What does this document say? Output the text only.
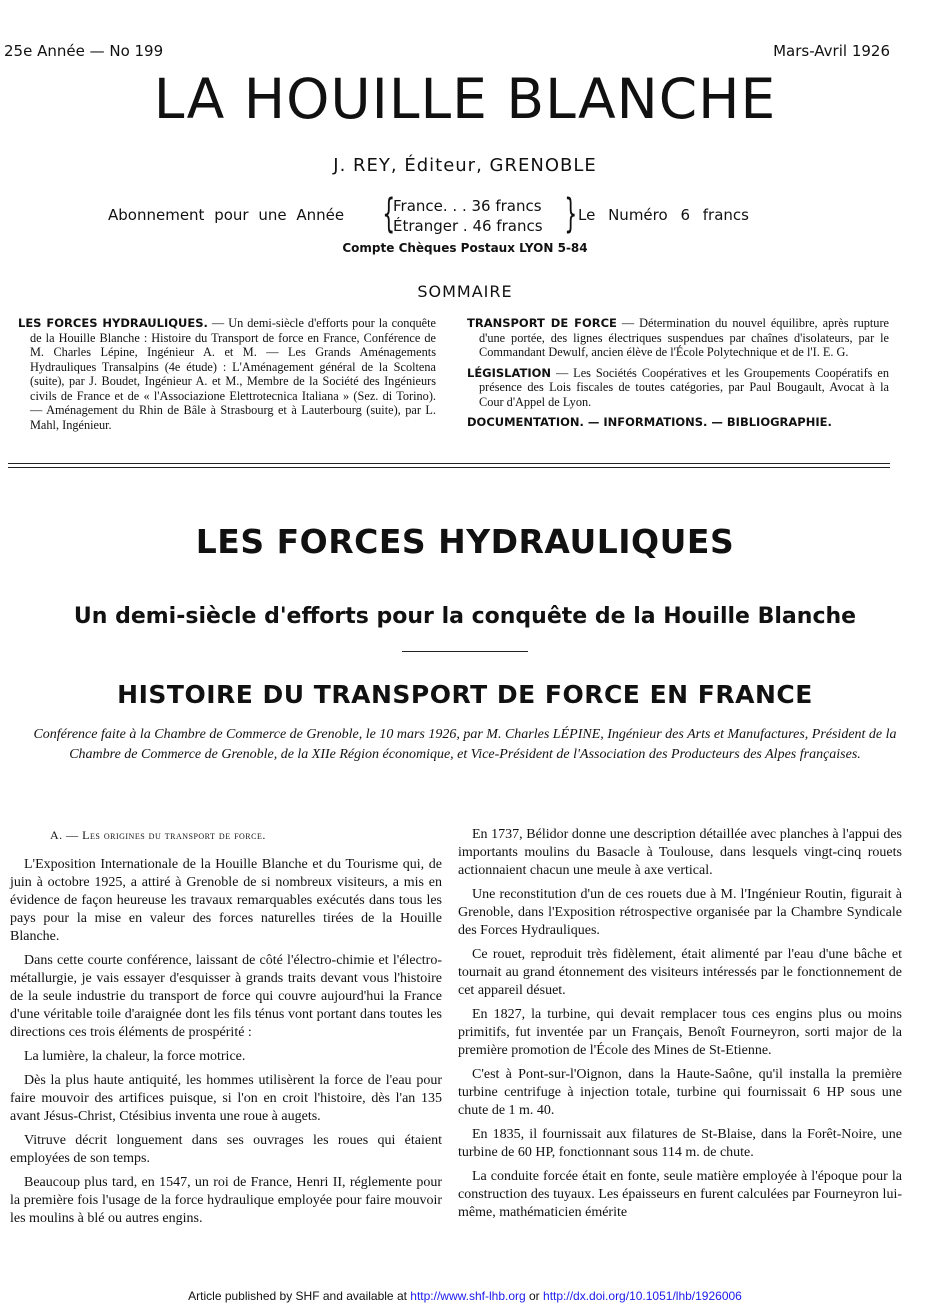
25e Année — No 199	Mars-Avril 1926
LA HOUILLE BLANCHE
J. REY, Éditeur, GRENOBLE
Abonnement pour une Année {
France. . . 36 francs
Étranger . 46 francs } Le Numéro 6 francs
Compte Chèques Postaux LYON 5-84
SOMMAIRE

LES FORCES HYDRAULIQUES. — Un demi-siècle d'efforts pour la conquête de la Houille Blanche : Histoire du Transport de force en France, Conférence de M. Charles Lépine, Ingénieur A. et M. — Les Grands Aménagements Hydrauliques Transalpins (4e étude) : L'Aménagement général de la Scoltena (suite), par J. Boudet, Ingénieur A. et M., Membre de la Société des Ingénieurs civils de France et de « l'Associazione Elettrotecnica Italiana » (Sez. di Torino). — Aménagement du Rhin de Bâle à Strasbourg et à Lauterbourg (suite), par L. Mahl, Ingénieur.

TRANSPORT DE FORCE — Détermination du nouvel équilibre, après rupture d'une portée, des lignes électriques suspendues par chaînes d'isolateurs, par le Commandant Dewulf, ancien élève de l'École Polytechnique et de l'I. E. G.

LÉGISLATION — Les Sociétés Coopératives et les Groupements Coopératifs en présence des Lois fiscales de toutes catégories, par Paul Bougault, Avocat à la Cour d'Appel de Lyon.

DOCUMENTATION. — INFORMATIONS. — BIBLIOGRAPHIE.

LES FORCES HYDRAULIQUES
Un demi-siècle d'efforts pour la conquête de la Houille Blanche
HISTOIRE DU TRANSPORT DE FORCE EN FRANCE
Conférence faite à la Chambre de Commerce de Grenoble, le 10 mars 1926, par M. Charles LÉPINE, Ingénieur des Arts et Manufactures, Président de la Chambre de Commerce de Grenoble, de la XIIe Région économique, et Vice-Président de l'Association des Producteurs des Alpes françaises.

A. — Les origines du transport de force.

L'Exposition Internationale de la Houille Blanche et du Tourisme qui, de juin à octobre 1925, a attiré à Grenoble de si nombreux visiteurs, a mis en évidence de façon heureuse les travaux remarquables exécutés dans tous les pays pour la mise en valeur des forces naturelles tirées de la Houille Blanche.

Dans cette courte conférence, laissant de côté l'électro-chimie et l'électro-métallurgie, je vais essayer d'esquisser à grands traits devant vous l'histoire de la seule industrie du transport de force qui couvre aujourd'hui la France d'une véritable toile d'araignée dont les fils ténus vont portant dans toutes les directions ces trois éléments de prospérité :

La lumière, la chaleur, la force motrice.

Dès la plus haute antiquité, les hommes utilisèrent la force de l'eau pour faire mouvoir des artifices puisque, si l'on en croit l'histoire, dès l'an 135 avant Jésus-Christ, Ctésibius inventa une roue à augets.

Vitruve décrit longuement dans ses ouvrages les roues qui étaient employées de son temps.

Beaucoup plus tard, en 1547, un roi de France, Henri II, réglemente pour la première fois l'usage de la force hydraulique employée pour faire mouvoir les moulins à blé ou autres engins.

En 1737, Bélidor donne une description détaillée avec planches à l'appui des importants moulins du Basacle à Toulouse, dans lesquels vingt-cinq rouets actionnaient chacun une meule à axe vertical.

Une reconstitution d'un de ces rouets due à M. l'Ingénieur Routin, figurait à Grenoble, dans l'Exposition rétrospective organisée par la Chambre Syndicale des Forces Hydrauliques.

Ce rouet, reproduit très fidèlement, était alimenté par l'eau d'une bâche et tournait au grand étonnement des visiteurs intéressés par le fonctionnement de cet appareil désuet.

En 1827, la turbine, qui devait remplacer tous ces engins plus ou moins primitifs, fut inventée par un Français, Benoît Fourneyron, sorti major de la première promotion de l'École des Mines de St-Etienne.

C'est à Pont-sur-l'Oignon, dans la Haute-Saône, qu'il installa la première turbine centrifuge à injection totale, turbine qui fournissait 6 HP sous une chute de 1 m. 40.

En 1835, il fournissait aux filatures de St-Blaise, dans la Forêt-Noire, une turbine de 60 HP, fonctionnant sous 114 m. de chute.

La conduite forcée était en fonte, seule matière employée à l'époque pour la construction des tuyaux. Les épaisseurs en furent calculées par Fourneyron lui-même, mathématicien émérite

Article published by SHF and available at http://www.shf-lhb.org or http://dx.doi.org/10.1051/lhb/1926006
